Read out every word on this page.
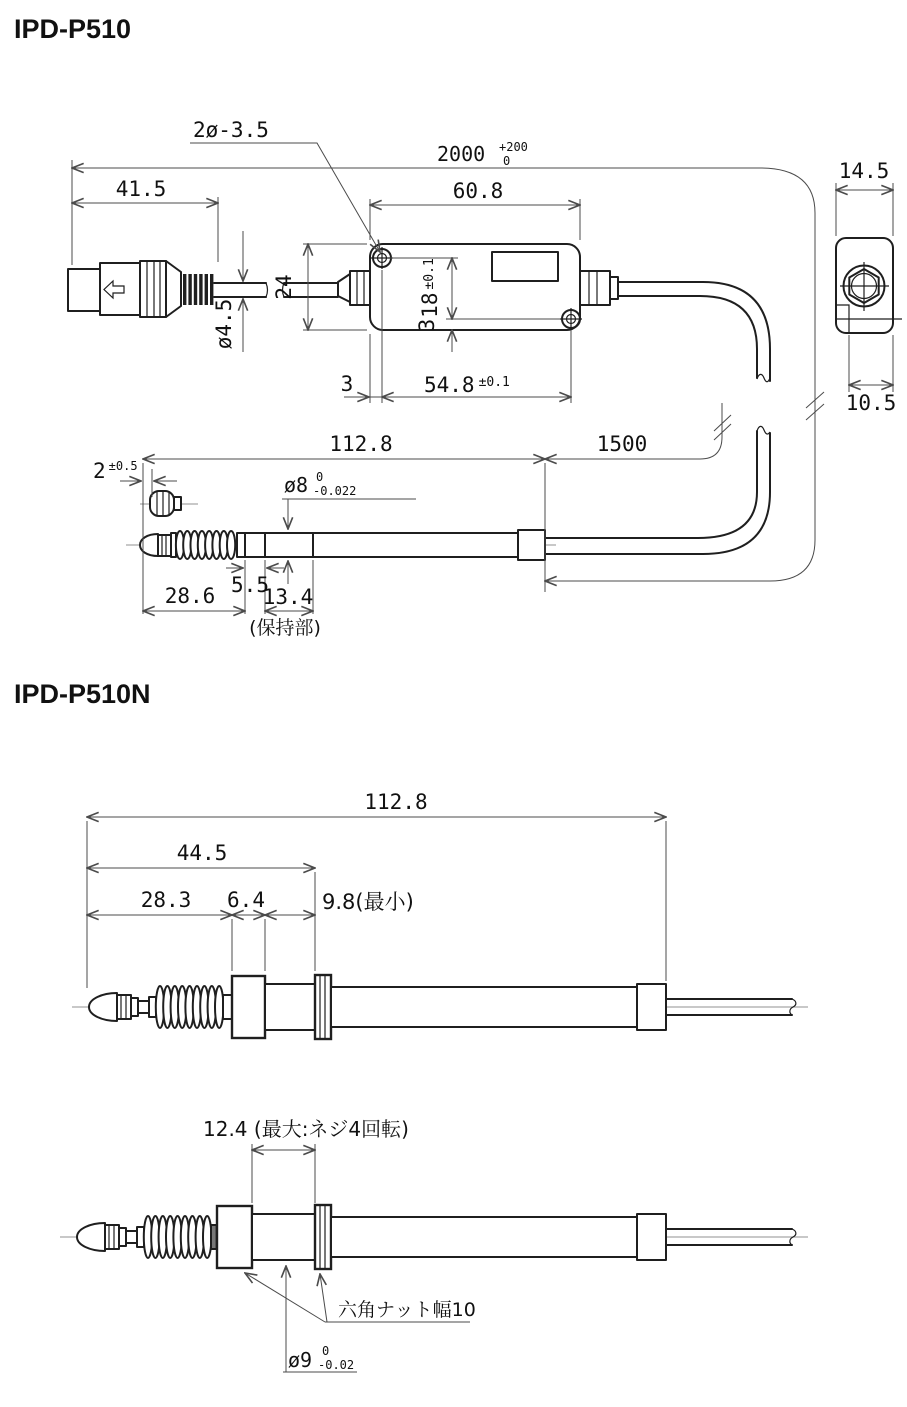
IPD-P510
2000 +200
0
41.5	60.8
2ø-3.5
24
ø4.5	$18^{\pm 0.1}$
3
3	54.8 $^{\pm 0.1}$
14.5
10.5
112.8	1500
2 $^{\pm 0.5}$
ø8 0
-0.022
28.6 5.5
13.4
(保持部)
IPD-P510N
112.8
44.5
28.3 6.4	9.8(最小)
12.4 (最大:ネジ4回転)
六角ナット幅10
ø9 0
-0.02
